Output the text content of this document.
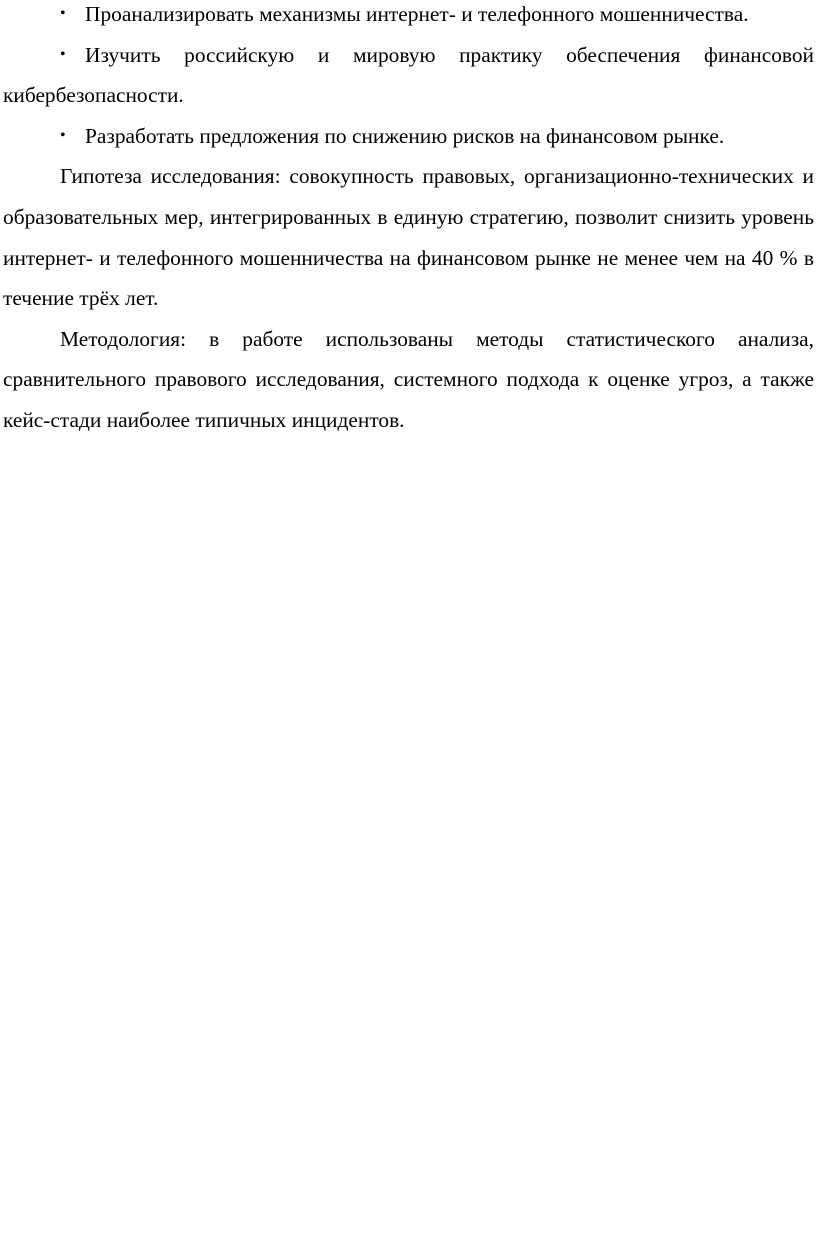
• Проанализировать механизмы интернет- и телефонного мошенничества.

• Изучить российскую и мировую практику обеспечения финансовой кибербезопасности.

• Разработать предложения по снижению рисков на финансовом рынке.

Гипотеза исследования: совокупность правовых, организационно-технических и образовательных мер, интегрированных в единую стратегию, позволит снизить уровень интернет- и телефонного мошенничества на финансовом рынке не менее чем на 40 % в течение трёх лет.

Методология: в работе использованы методы статистического анализа, сравнительного правового исследования, системного подхода к оценке угроз, а также кейс-стади наиболее типичных инцидентов.
